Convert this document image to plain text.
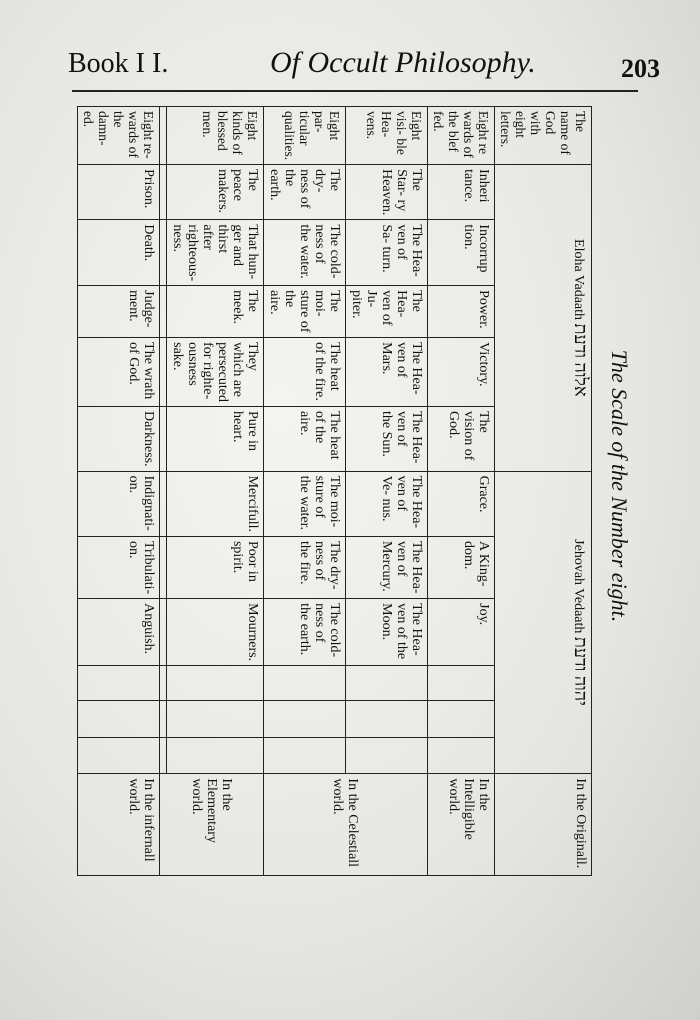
Book I I.	Of Occult Philosophy.	203
The Scale of the Number eight.
The name of God with eight letters.	Eloha Vadaath אלוה ודעת					Jehovah Vedaath יהוה ודעת						In the Originall.
Eight re wards of the blef fed.	Inheri tance.	Incorrup tion.	Power.	Victory.	The vision of God.	Grace.	A King- dom.	Joy.				In the Intelligible world.
Eight visi- ble Hea- vens.	The Star- ry Heaven.	The Hea- ven of Sa- turn.	The Hea- ven of Ju- piter.	The Hea- ven of Mars.	The Hea- ven of the Sun.	The Hea- ven of Ve- nus.	The Hea- ven of Mercury.	The Hea- ven of the Moon.				In the Celestiall world.
Eight par- ticular qualities.	The dry- ness of the earth.	The cold- ness of the water.	The moi- sture of the aire.	The heat of the fire.	The heat of the aire.	The moi- sture of the water.	The dry- ness of the fire.	The cold- ness of the earth.				
Eight kinds of blessed men.	The peace makers.	That hun- ger and thirst after righteous- ness.	The meek.	They which are persecuted for righte- ousness sake.	Pure in heart.	Mercifull.	Poor in spirit.	Mourners.				In the Elementary world.

Eight re- wards of the damn- ed.	Prison.	Death.	Judge- ment.	The wrath of God.	Darkness.	Indignati- on.	Tribulati- on.	Anguish.				In the infernall world.
